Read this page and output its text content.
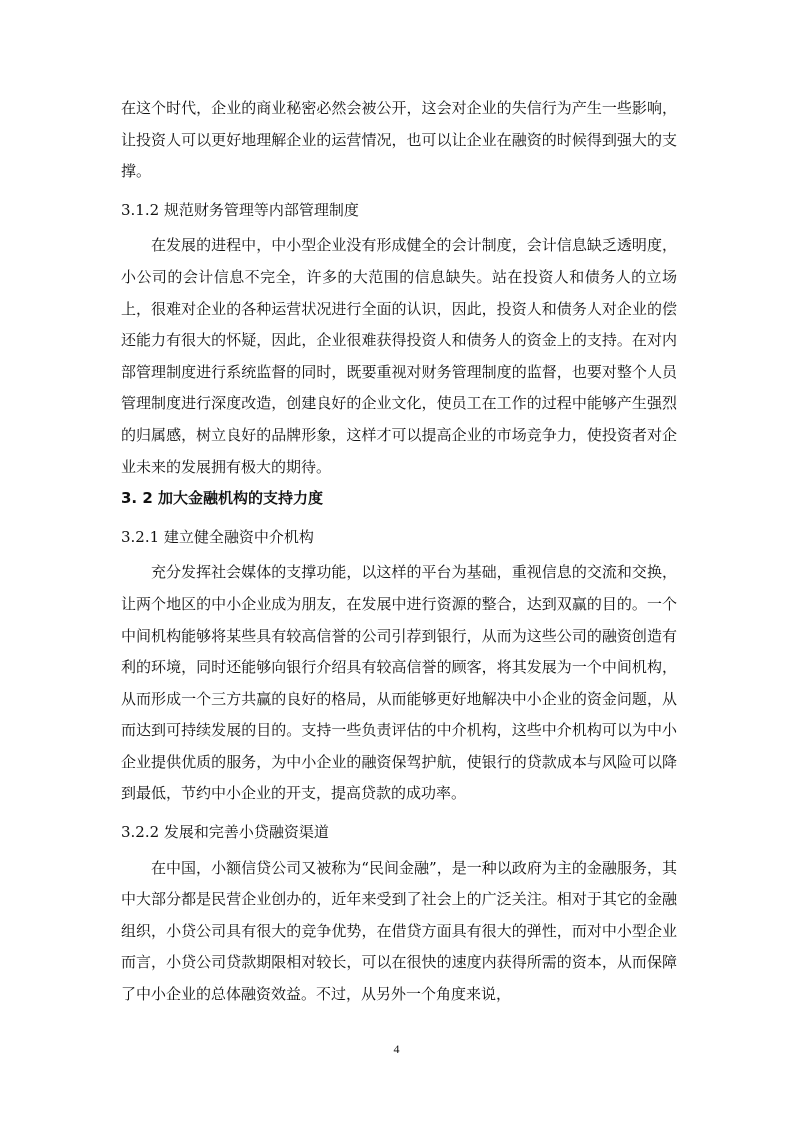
在这个时代，企业的商业秘密必然会被公开，这会对企业的失信行为产生一些影响，让投资人可以更好地理解企业的运营情况，也可以让企业在融资的时候得到强大的支撑。

3.1.2 规范财务管理等内部管理制度

在发展的进程中，中小型企业没有形成健全的会计制度，会计信息缺乏透明度，小公司的会计信息不完全，许多的大范围的信息缺失。站在投资人和债务人的立场上，很难对企业的各种运营状况进行全面的认识，因此，投资人和债务人对企业的偿还能力有很大的怀疑，因此，企业很难获得投资人和债务人的资金上的支持。在对内部管理制度进行系统监督的同时，既要重视对财务管理制度的监督，也要对整个人员管理制度进行深度改造，创建良好的企业文化，使员工在工作的过程中能够产生强烈的归属感，树立良好的品牌形象，这样才可以提高企业的市场竞争力，使投资者对企业未来的发展拥有极大的期待。

3. 2 加大金融机构的支持力度
3.2.1 建立健全融资中介机构

充分发挥社会媒体的支撑功能，以这样的平台为基础，重视信息的交流和交换，让两个地区的中小企业成为朋友，在发展中进行资源的整合，达到双赢的目的。一个中间机构能够将某些具有较高信誉的公司引荐到银行，从而为这些公司的融资创造有利的环境，同时还能够向银行介绍具有较高信誉的顾客，将其发展为一个中间机构，从而形成一个三方共赢的良好的格局，从而能够更好地解决中小企业的资金问题，从而达到可持续发展的目的。支持一些负责评估的中介机构，这些中介机构可以为中小企业提供优质的服务，为中小企业的融资保驾护航，使银行的贷款成本与风险可以降到最低，节约中小企业的开支，提高贷款的成功率。

3.2.2 发展和完善小贷融资渠道

在中国，小额信贷公司又被称为“民间金融”，是一种以政府为主的金融服务，其中大部分都是民营企业创办的，近年来受到了社会上的广泛关注。相对于其它的金融组织，小贷公司具有很大的竞争优势，在借贷方面具有很大的弹性，而对中小型企业而言，小贷公司贷款期限相对较长，可以在很快的速度内获得所需的资本，从而保障了中小企业的总体融资效益。不过，从另外一个角度来说，

4
